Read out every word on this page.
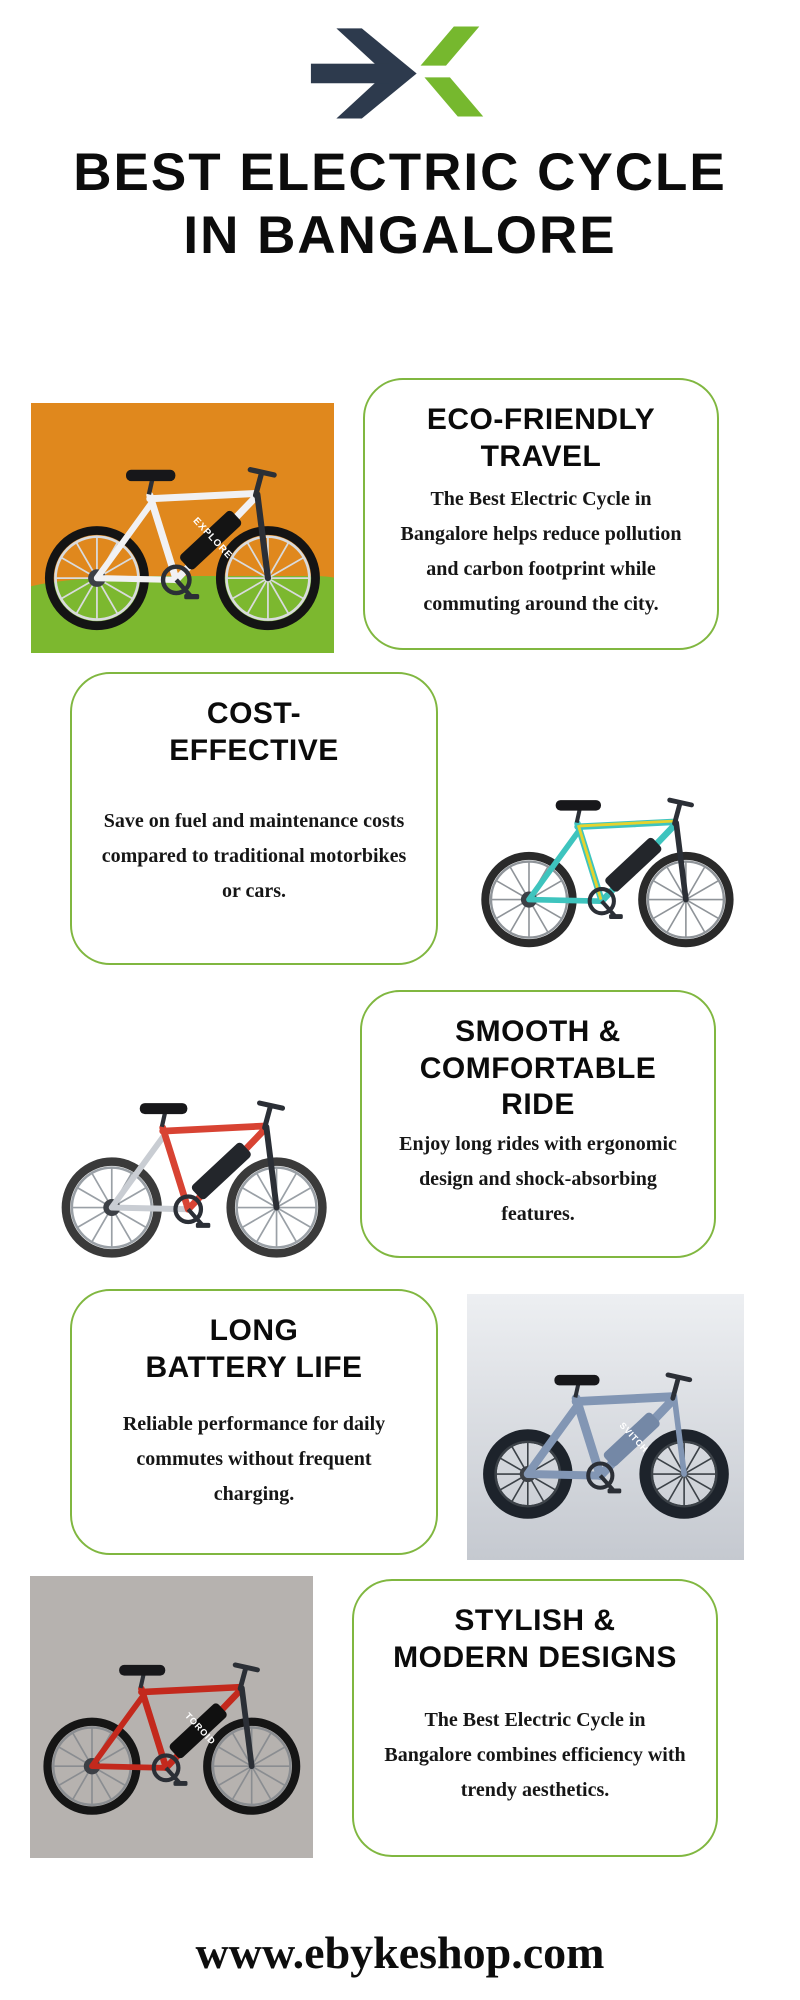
BEST ELECTRIC CYCLE
IN BANGALORE
EXPLORE
ECO-FRIENDLY
TRAVEL

The Best Electric Cycle in Bangalore helps reduce pollution and carbon footprint while commuting around the city.

COST-
EFFECTIVE

Save on fuel and maintenance costs compared to traditional motorbikes or cars.

SMOOTH &
COMFORTABLE
RIDE

Enjoy long rides with ergonomic design and shock-absorbing features.

SVITCH
LONG
BATTERY LIFE

Reliable performance for daily commutes without frequent charging.

TOROID
STYLISH &
MODERN DESIGNS

The Best Electric Cycle in Bangalore combines efficiency with trendy aesthetics.

www.ebykeshop.com
